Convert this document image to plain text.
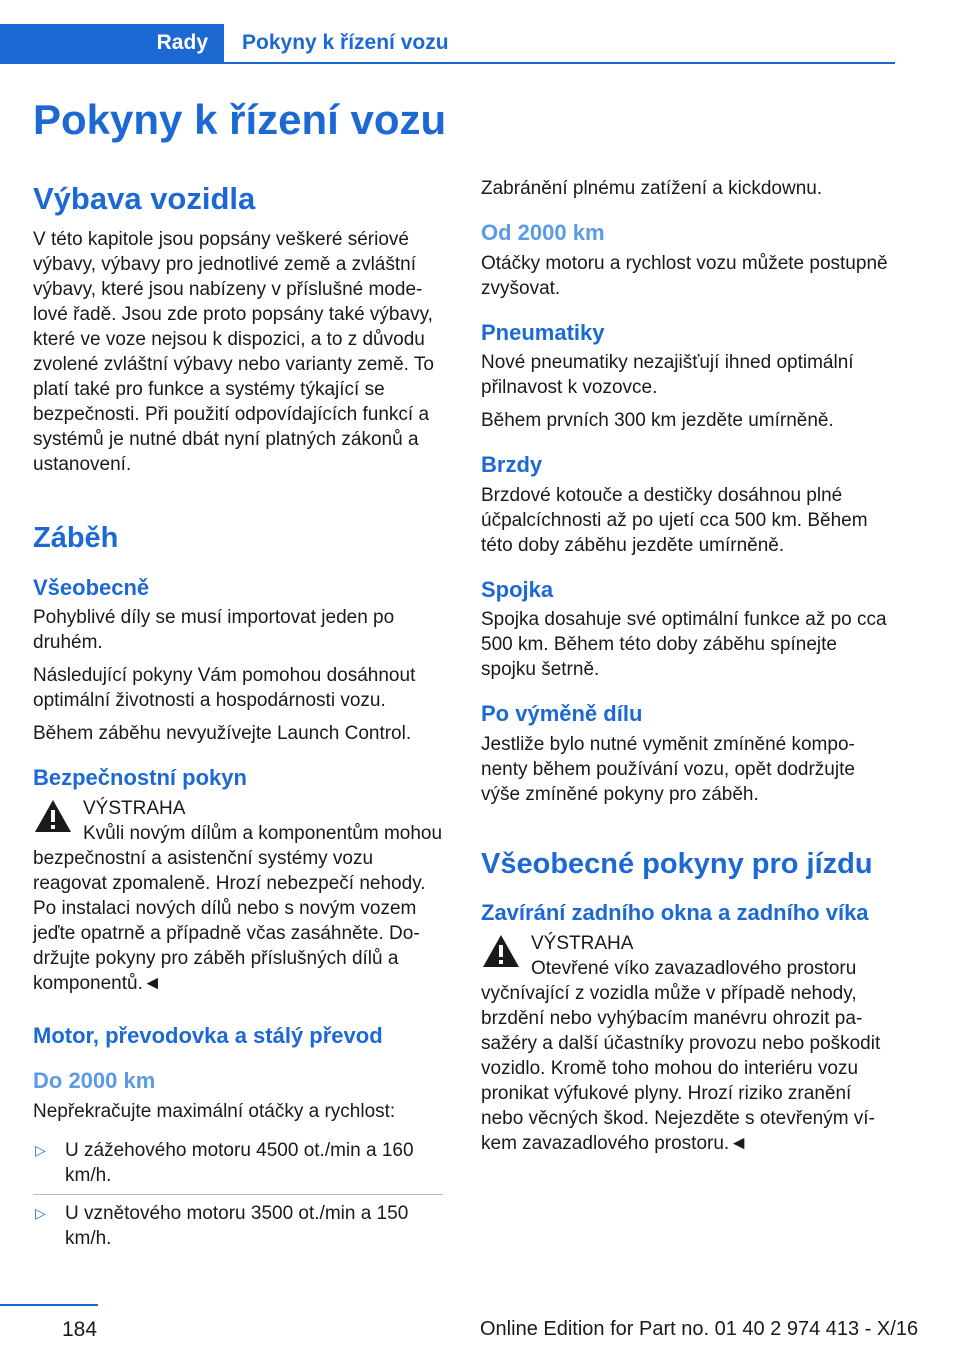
Rady	Pokyny k řízení vozu
Pokyny k řízení vozu
Výbava vozidla

V této kapitole jsou popsány veškeré sériové výbavy, výbavy pro jednotlivé země a zvláštní výbavy, které jsou nabízeny v příslušné modelové řadě. Jsou zde proto popsány také výbavy, které ve voze nejsou k dispozici, a to z důvodu zvolené zvláštní výbavy nebo varianty země. To platí také pro funkce a systémy týkající se bezpečnosti. Při použití odpovídajících funkcí a systémů je nutné dbát nyní platných zákonů a ustanovení.

Záběh
Všeobecně

Pohyblivé díly se musí importovat jeden po druhém.

Následující pokyny Vám pomohou dosáhnout optimální životnosti a hospodárnosti vozu.

Během záběhu nevyužívejte Launch Control.

Bezpečnostní pokyn

VÝSTRAHA

Kvůli novým dílům a komponentům mohou bezpečnostní a asistenční systémy vozu reagovat zpomaleně. Hrozí nebezpečí nehody. Po instalaci nových dílů nebo s novým vozem jeďte opatrně a případně včas zasáhněte. Dodržujte pokyny pro záběh příslušných dílů a komponentů.◄

Motor, převodovka a stálý převod
Do 2000 km

Nepřekračujte maximální otáčky a rychlost:

▷ U zážehového motoru 4500 ot./min a 160 km/h.
▷ U vznětového motoru 3500 ot./min a 150 km/h.

Zabránění plnému zatížení a kickdownu.

Od 2000 km

Otáčky motoru a rychlost vozu můžete postupně zvyšovat.

Pneumatiky

Nové pneumatiky nezajišťují ihned optimální přilnavost k vozovce.

Během prvních 300 km jezděte umírněně.

Brzdy

Brzdové kotouče a destičky dosáhnou plné účpalcíchnosti až po ujetí cca 500 km. Během této doby záběhu jezděte umírněně.

Spojka

Spojka dosahuje své optimální funkce až po cca 500 km. Během této doby záběhu spínejte spojku šetrně.

Po výměně dílu

Jestliže bylo nutné vyměnit zmíněné komponenty během používání vozu, opět dodržujte výše zmíněné pokyny pro záběh.

Všeobecné pokyny pro jízdu
Zavírání zadního okna a zadního víka

VÝSTRAHA

Otevřené víko zavazadlového prostoru vyčnívající z vozidla může v případě nehody, brzdění nebo vyhýbacím manévru ohrozit pasažéry a další účastníky provozu nebo poškodit vozidlo. Kromě toho mohou do interiéru vozu pronikat výfukové plyny. Hrozí riziko zranění nebo věcných škod. Nejezděte s otevřeným víkem zavazadlového prostoru.◄

184	Online Edition for Part no. 01 40 2 974 413 - X/16
